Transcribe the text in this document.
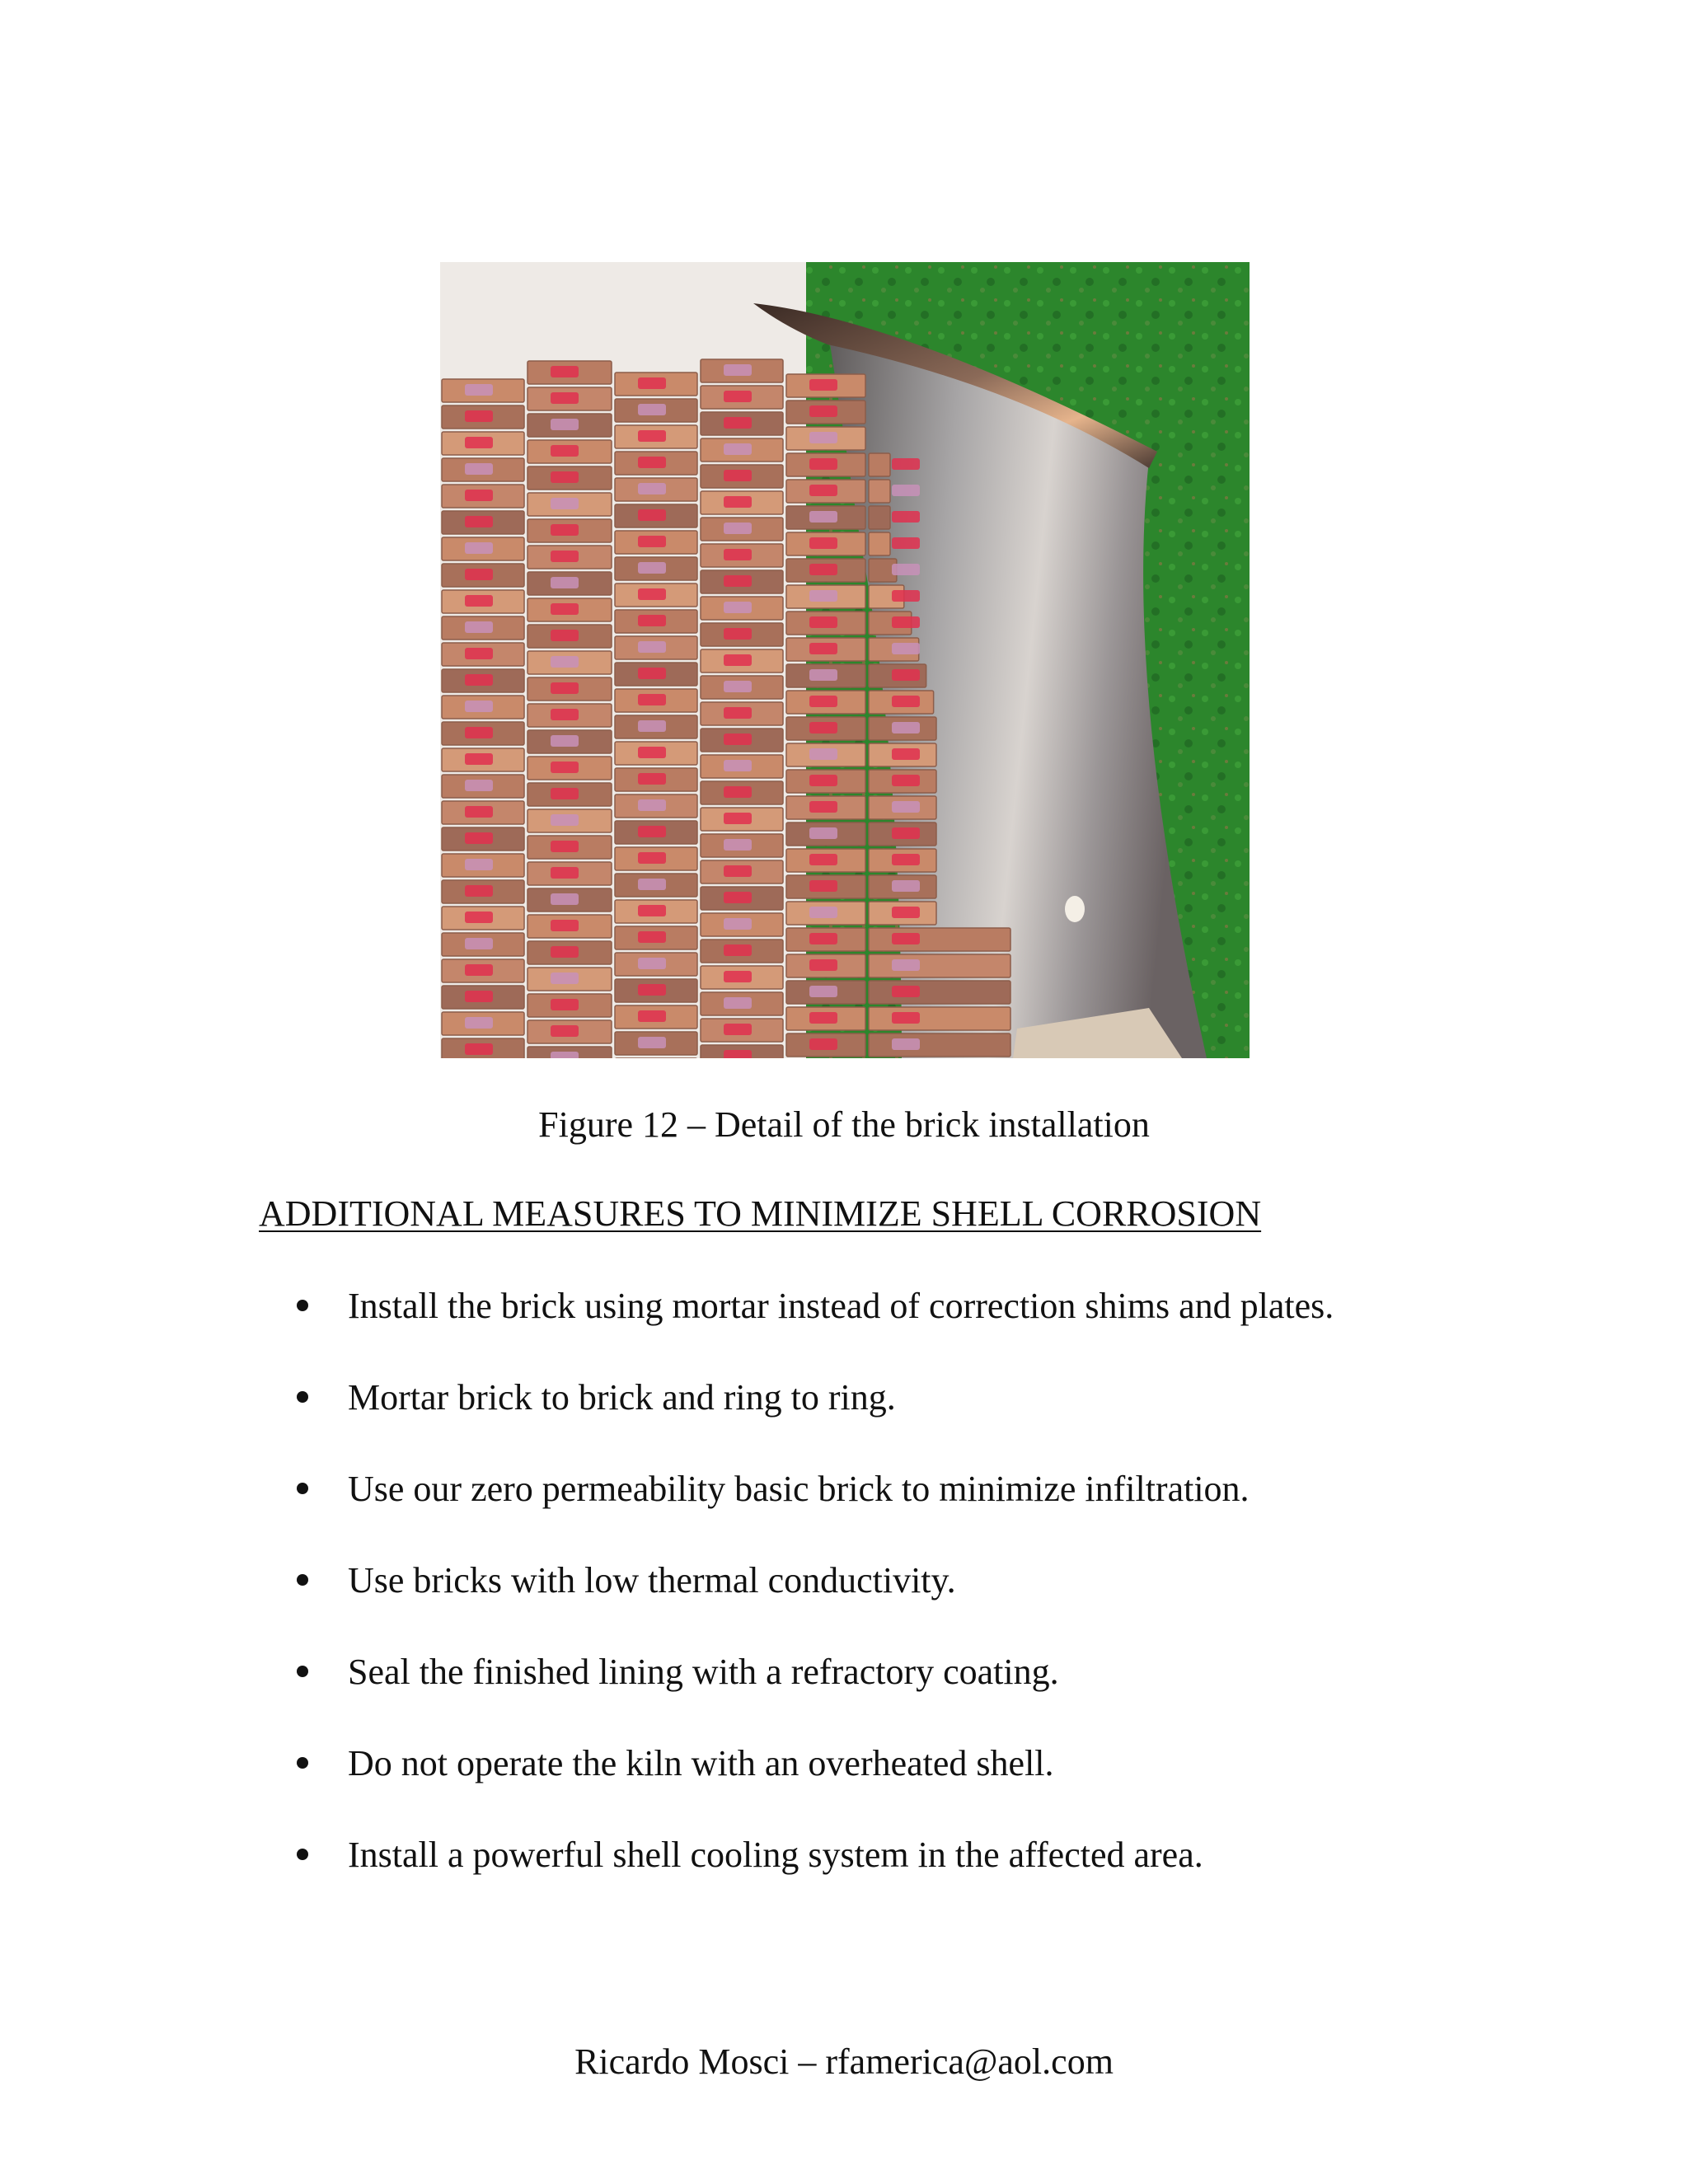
Figure 12 – Detail of the brick installation
ADDITIONAL MEASURES TO MINIMIZE SHELL CORROSION
Install the brick using mortar instead of correction shims and plates.
Mortar brick to brick and ring to ring.
Use our zero permeability basic brick to minimize infiltration.
Use bricks with low thermal conductivity.
Seal the finished lining with a refractory coating.
Do not operate the kiln with an overheated shell.
Install a powerful shell cooling system in the affected area.
Ricardo Mosci – rfamerica@aol.com
